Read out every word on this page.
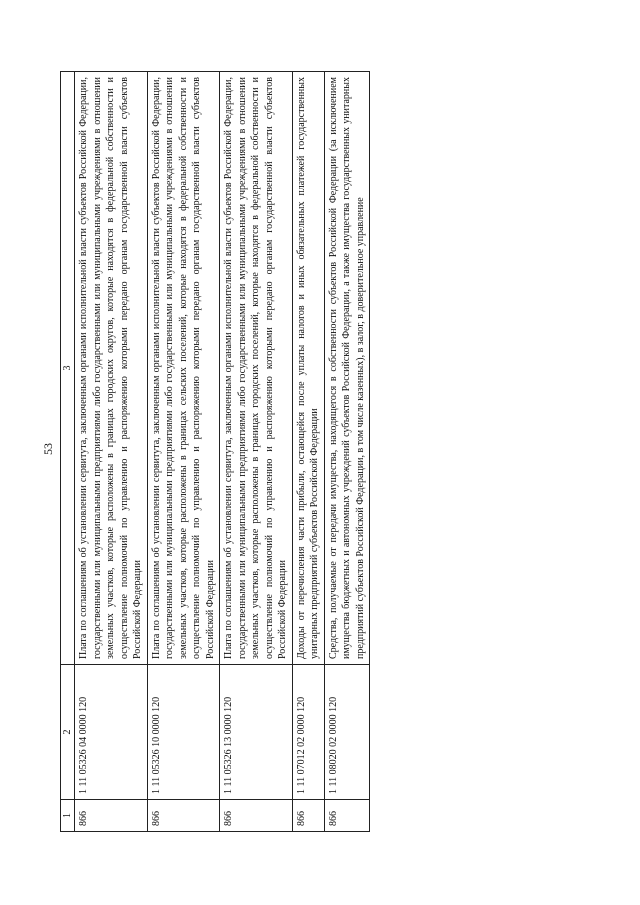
53
1	2	3
866	1 11 05326 04 0000 120	Плата по соглашениям об установлении сервитута, заключенным органами исполнительной власти субъектов Российской Федерации, государственными или муниципальными предприятиями либо государственными или муниципальными учреждениями в отношении земельных участков, которые расположены в границах городских округов, которые находятся в федеральной собственности и осуществление полномочий по управлению и распоряжению которыми передано органам государственной власти субъектов Российской Федерации
866	1 11 05326 10 0000 120	Плата по соглашениям об установлении сервитута, заключенным органами исполнительной власти субъектов Российской Федерации, государственными или муниципальными предприятиями либо государственными или муниципальными учреждениями в отношении земельных участков, которые расположены в границах сельских поселений, которые находятся в федеральной собственности и осуществление полномочий по управлению и распоряжению которыми передано органам государственной власти субъектов Российской Федерации
866	1 11 05326 13 0000 120	Плата по соглашениям об установлении сервитута, заключенным органами исполнительной власти субъектов Российской Федерации, государственными или муниципальными предприятиями либо государственными или муниципальными учреждениями в отношении земельных участков, которые расположены в границах городских поселений, которые находятся в федеральной собственности и осуществление полномочий по управлению и распоряжению которыми передано органам государственной власти субъектов Российской Федерации
866	1 11 07012 02 0000 120	Доходы от перечисления части прибыли, остающейся после уплаты налогов и иных обязательных платежей государственных унитарных предприятий субъектов Российской Федерации
866	1 11 08020 02 0000 120	Средства, получаемые от передачи имущества, находящегося в собственности субъектов Российской Федерации (за исключением имущества бюджетных и автономных учреждений субъектов Российской Федерации, а также имущества государственных унитарных предприятий субъектов Российской Федерации, в том числе казенных), в залог, в доверительное управление
